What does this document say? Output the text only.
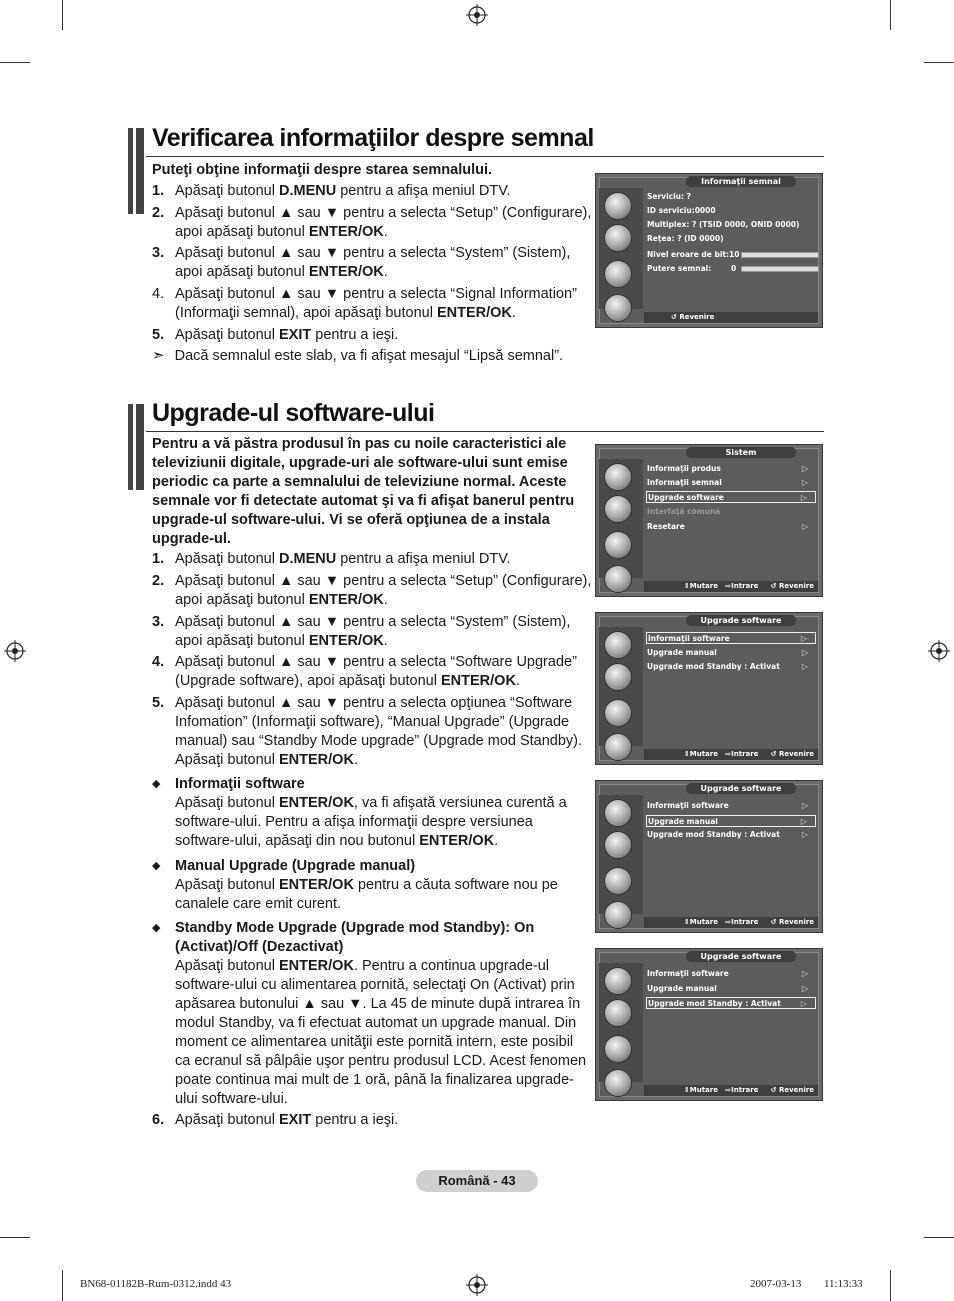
Verificarea informaţiilor despre semnal
Puteţi obţine informaţii despre starea semnalului.
1. Apăsaţi butonul D.MENU pentru a afişa meniul DTV.
2. Apăsaţi butonul ▲ sau ▼ pentru a selecta “Setup” (Configurare), apoi apăsaţi butonul ENTER/OK.
3. Apăsaţi butonul ▲ sau ▼ pentru a selecta “System” (Sistem), apoi apăsaţi butonul ENTER/OK.
4. Apăsaţi butonul ▲ sau ▼ pentru a selecta “Signal Information” (Informaţii semnal), apoi apăsaţi butonul ENTER/OK.
5. Apăsaţi butonul EXIT pentru a ieşi.
➣ Dacă semnalul este slab, va fi afişat mesajul “Lipsă semnal”.
Informaţii semnal
Serviciu: ?
ID serviciu:0000
Multiplex: ? (TSID 0000, ONID 0000)
Reţea: ? (ID 0000)
Nivel eroare de bit: 10
Putere semnal:	0
↺ Revenire
Upgrade-ul software-ului
Pentru a vă păstra produsul în pas cu noile caracteristici ale televiziunii digitale, upgrade-uri ale software-ului sunt emise periodic ca parte a semnalului de televiziune normal. Aceste semnale vor fi detectate automat şi va fi afişat banerul pentru upgrade-ul software-ului. Vi se oferă opţiunea de a instala upgrade-ul.
1. Apăsaţi butonul D.MENU pentru a afişa meniul DTV.
2. Apăsaţi butonul ▲ sau ▼ pentru a selecta “Setup” (Configurare), apoi apăsaţi butonul ENTER/OK.
3. Apăsaţi butonul ▲ sau ▼ pentru a selecta “System” (Sistem), apoi apăsaţi butonul ENTER/OK.
4. Apăsaţi butonul ▲ sau ▼ pentru a selecta “Software Upgrade” (Upgrade software), apoi apăsaţi butonul ENTER/OK.
5. Apăsaţi butonul ▲ sau ▼ pentru a selecta opţiunea “Software Infomation” (Informaţii software), “Manual Upgrade” (Upgrade manual) sau “Standby Mode upgrade” (Upgrade mod Standby). Apăsaţi butonul ENTER/OK.
◆ Informaţii software
Apăsaţi butonul ENTER/OK, va fi afişată versiunea curentă a software-ului. Pentru a afişa informaţii despre versiunea software-ului, apăsaţi din nou butonul ENTER/OK.
◆ Manual Upgrade (Upgrade manual)
Apăsaţi butonul ENTER/OK pentru a căuta software nou pe canalele care emit curent.
◆ Standby Mode Upgrade (Upgrade mod Standby): On (Activat)/Off (Dezactivat)
Apăsaţi butonul ENTER/OK. Pentru a continua upgrade-ul software-ului cu alimentarea pornită, selectaţi On (Activat) prin apăsarea butonului ▲ sau ▼. La 45 de minute după intrarea în modul Standby, va fi efectuat automat un upgrade manual. Din moment ce alimentarea unităţii este pornită intern, este posibil ca ecranul să pâlpâie uşor pentru produsul LCD. Acest fenomen poate continua mai mult de 1 oră, până la finalizarea upgrade-ului software-ului.
6. Apăsaţi butonul EXIT pentru a ieşi.
Sistem
Informaţii produs	▷
Informaţii semnal	▷
Upgrade software	▷
Interfaţă comună
Resetare	▷
⇕Mutare   ⇨Intrare     ↺ Revenire
Upgrade software
Informaţii software	▷
Upgrade manual	▷
Upgrade mod Standby : Activat	▷
⇕Mutare   ⇨Intrare     ↺ Revenire
Upgrade software
Informaţii software	▷
Upgrade manual	▷
Upgrade mod Standby : Activat	▷
⇕Mutare   ⇨Intrare     ↺ Revenire
Upgrade software
Informaţii software	▷
Upgrade manual	▷
Upgrade mod Standby : Activat	▷
⇕Mutare   ⇨Intrare     ↺ Revenire
Română - 43
BN68-01182B-Rum-0312.indd 43	2007-03-13 ￿￿ 11:13:33
